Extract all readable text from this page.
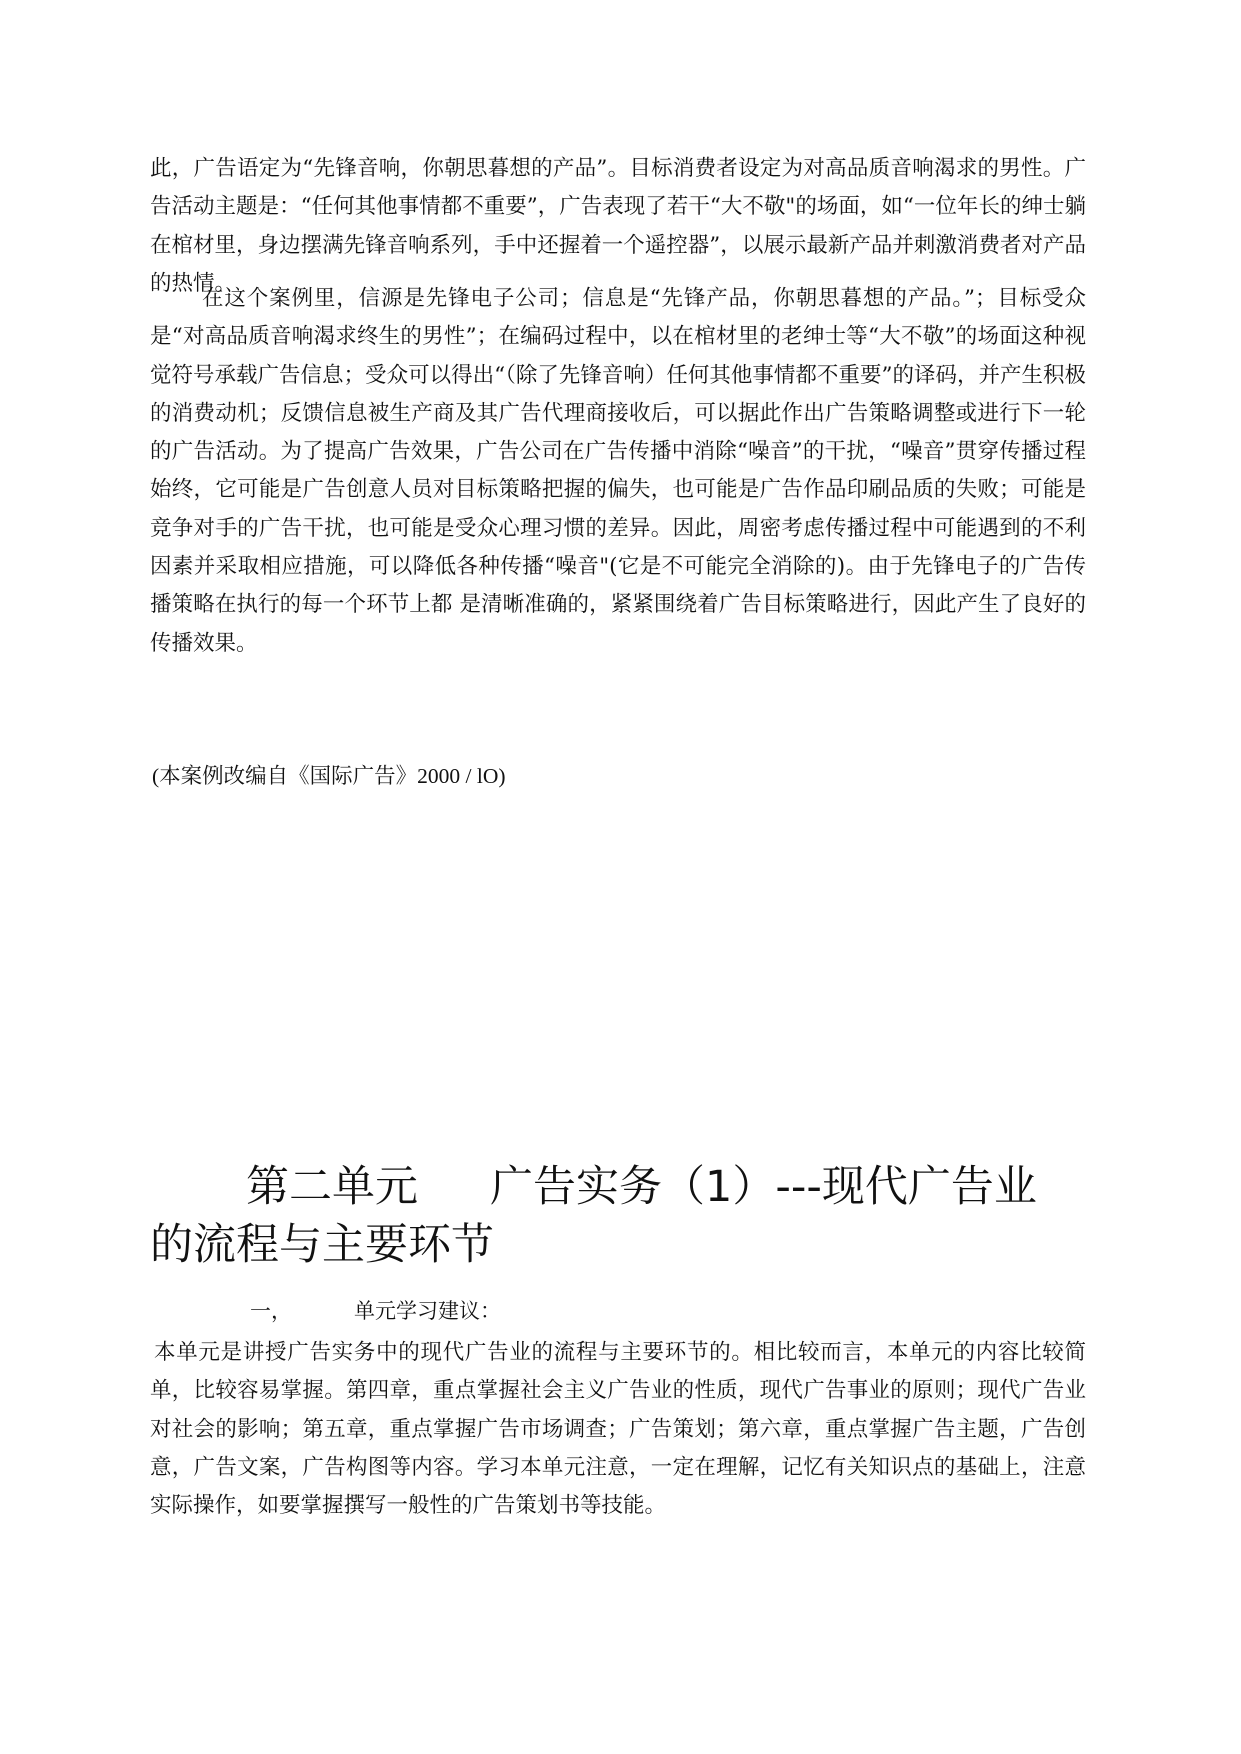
此，广告语定为“先锋音响，你朝思暮想的产品”。目标消费者设定为对高品质音响渴求的男性。广告活动主题是：“任何其他事情都不重要”，广告表现了若干“大不敬"的场面，如“一位年长的绅士躺在棺材里，身边摆满先锋音响系列，手中还握着一个遥控器”，以展示最新产品并刺激消费者对产品的热情。

在这个案例里，信源是先锋电子公司；信息是“先锋产品，你朝思暮想的产品。”；目标受众是“对高品质音响渴求终生的男性”；在编码过程中，以在棺材里的老绅士等“大不敬”的场面这种视觉符号承载广告信息；受众可以得出“（除了先锋音响）任何其他事情都不重要”的译码，并产生积极的消费动机；反馈信息被生产商及其广告代理商接收后，可以据此作出广告策略调整或进行下一轮的广告活动。为了提高广告效果，广告公司在广告传播中消除“噪音”的干扰，“噪音”贯穿传播过程始终，它可能是广告创意人员对目标策略把握的偏失，也可能是广告作品印刷品质的失败；可能是竞争对手的广告干扰，也可能是受众心理习惯的差异。因此，周密考虑传播过程中可能遇到的不利因素并采取相应措施，可以降低各种传播“噪音"(它是不可能完全消除的)。由于先锋电子的广告传播策略在执行的每一个环节上都 是清晰准确的，紧紧围绕着广告目标策略进行，因此产生了良好的传播效果。

(本案例改编自《国际广告》2000 / lO)

第二单元 广告实务（1）---现代广告业
的流程与主要环节

一，	单元学习建议：

本单元是讲授广告实务中的现代广告业的流程与主要环节的。相比较而言，本单元的内容比较简单，比较容易掌握。第四章，重点掌握社会主义广告业的性质，现代广告事业的原则；现代广告业对社会的影响；第五章，重点掌握广告市场调查；广告策划；第六章，重点掌握广告主题，广告创意，广告文案，广告构图等内容。学习本单元注意，一定在理解，记忆有关知识点的基础上，注意实际操作，如要掌握撰写一般性的广告策划书等技能。
